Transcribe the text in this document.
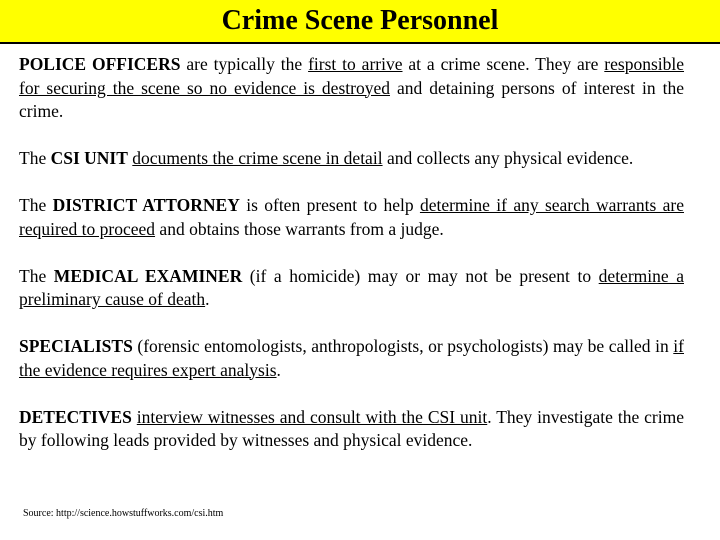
Crime Scene Personnel

POLICE OFFICERS are typically the first to arrive at a crime scene. They are responsible for securing the scene so no evidence is destroyed and detaining persons of interest in the crime.

The CSI UNIT documents the crime scene in detail and collects any physical evidence.

The DISTRICT ATTORNEY is often present to help determine if any search warrants are required to proceed and obtains those warrants from a judge.

The MEDICAL EXAMINER (if a homicide) may or may not be present to determine a preliminary cause of death.

SPECIALISTS (forensic entomologists, anthropologists, or psychologists) may be called in if the evidence requires expert analysis.

DETECTIVES interview witnesses and consult with the CSI unit. They investigate the crime by following leads provided by witnesses and physical evidence.

Source: http://science.howstuffworks.com/csi.htm
